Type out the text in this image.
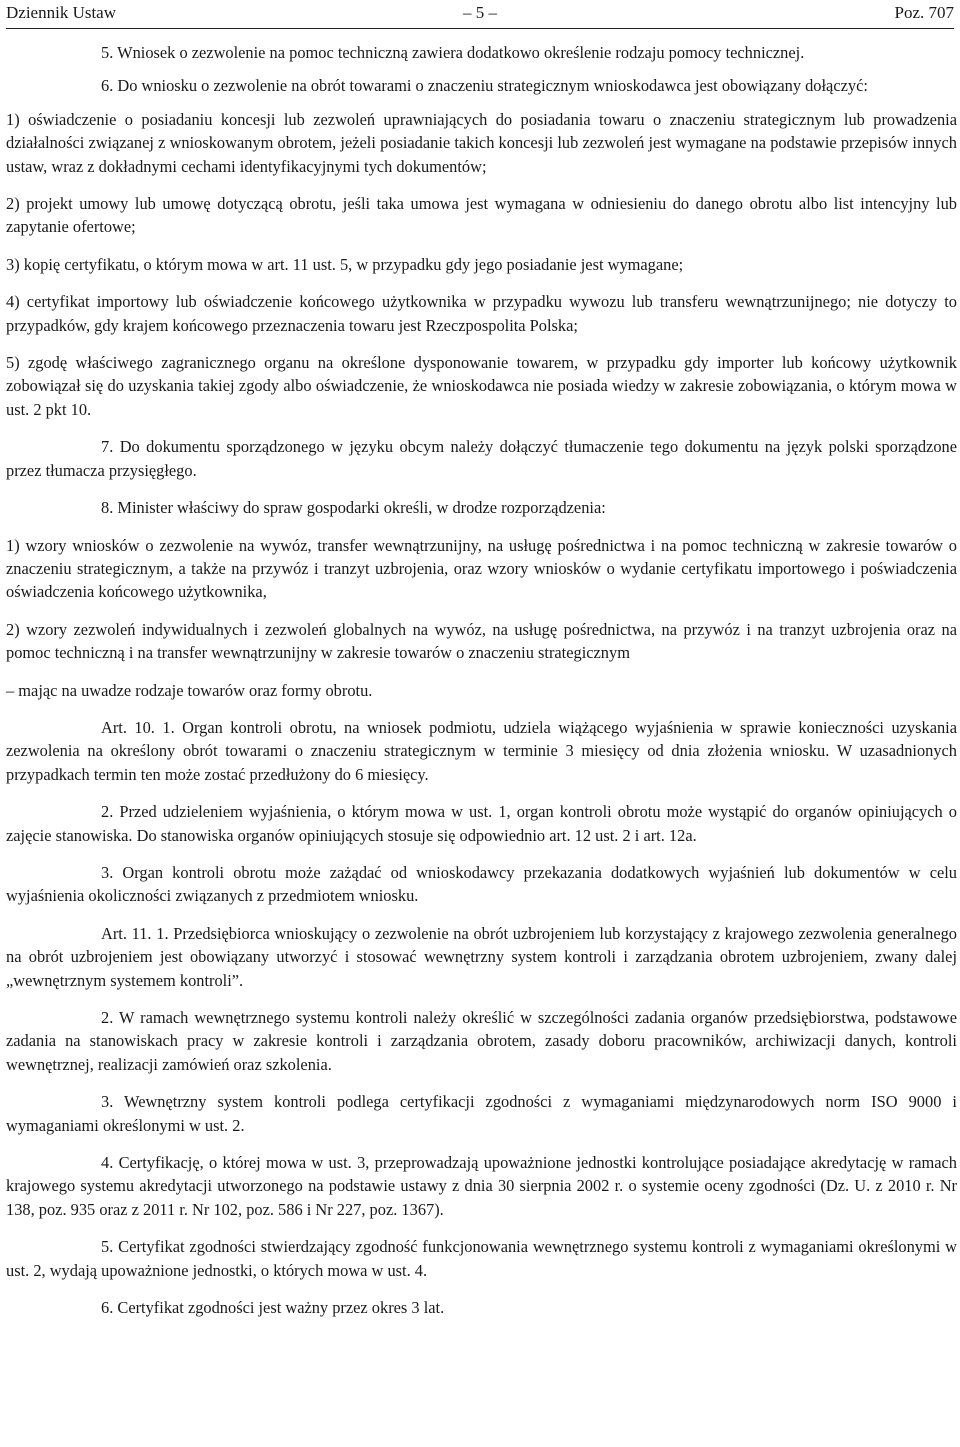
Dziennik Ustaw	– 5 –	Poz. 707

5. Wniosek o zezwolenie na pomoc techniczną zawiera dodatkowo określenie rodzaju pomocy technicznej.

6. Do wniosku o zezwolenie na obrót towarami o znaczeniu strategicznym wnioskodawca jest obowiązany dołączyć:

1) oświadczenie o posiadaniu koncesji lub zezwoleń uprawniających do posiadania towaru o znaczeniu strategicznym lub prowadzenia działalności związanej z wnioskowanym obrotem, jeżeli posiadanie takich koncesji lub zezwoleń jest wymagane na podstawie przepisów innych ustaw, wraz z dokładnymi cechami identyfikacyjnymi tych dokumentów;

2) projekt umowy lub umowę dotyczącą obrotu, jeśli taka umowa jest wymagana w odniesieniu do danego obrotu albo list intencyjny lub zapytanie ofertowe;

3) kopię certyfikatu, o którym mowa w art. 11 ust. 5, w przypadku gdy jego posiadanie jest wymagane;

4) certyfikat importowy lub oświadczenie końcowego użytkownika w przypadku wywozu lub transferu wewnątrzunijnego; nie dotyczy to przypadków, gdy krajem końcowego przeznaczenia towaru jest Rzeczpospolita Polska;

5) zgodę właściwego zagranicznego organu na określone dysponowanie towarem, w przypadku gdy importer lub końcowy użytkownik zobowiązał się do uzyskania takiej zgody albo oświadczenie, że wnioskodawca nie posiada wiedzy w zakresie zobowiązania, o którym mowa w ust. 2 pkt 10.

7. Do dokumentu sporządzonego w języku obcym należy dołączyć tłumaczenie tego dokumentu na język polski sporządzone przez tłumacza przysięgłego.

8. Minister właściwy do spraw gospodarki określi, w drodze rozporządzenia:

1) wzory wniosków o zezwolenie na wywóz, transfer wewnątrzunijny, na usługę pośrednictwa i na pomoc techniczną w zakresie towarów o znaczeniu strategicznym, a także na przywóz i tranzyt uzbrojenia, oraz wzory wniosków o wydanie certyfikatu importowego i poświadczenia oświadczenia końcowego użytkownika,

2) wzory zezwoleń indywidualnych i zezwoleń globalnych na wywóz, na usługę pośrednictwa, na przywóz i na tranzyt uzbrojenia oraz na pomoc techniczną i na transfer wewnątrzunijny w zakresie towarów o znaczeniu strategicznym

– mając na uwadze rodzaje towarów oraz formy obrotu.

Art. 10. 1. Organ kontroli obrotu, na wniosek podmiotu, udziela wiążącego wyjaśnienia w sprawie konieczności uzyskania zezwolenia na określony obrót towarami o znaczeniu strategicznym w terminie 3 miesięcy od dnia złożenia wniosku. W uzasadnionych przypadkach termin ten może zostać przedłużony do 6 miesięcy.

2. Przed udzieleniem wyjaśnienia, o którym mowa w ust. 1, organ kontroli obrotu może wystąpić do organów opiniujących o zajęcie stanowiska. Do stanowiska organów opiniujących stosuje się odpowiednio art. 12 ust. 2 i art. 12a.

3. Organ kontroli obrotu może zażądać od wnioskodawcy przekazania dodatkowych wyjaśnień lub dokumentów w celu wyjaśnienia okoliczności związanych z przedmiotem wniosku.

Art. 11. 1. Przedsiębiorca wnioskujący o zezwolenie na obrót uzbrojeniem lub korzystający z krajowego zezwolenia generalnego na obrót uzbrojeniem jest obowiązany utworzyć i stosować wewnętrzny system kontroli i zarządzania obrotem uzbrojeniem, zwany dalej „wewnętrznym systemem kontroli”.

2. W ramach wewnętrznego systemu kontroli należy określić w szczególności zadania organów przedsiębiorstwa, podstawowe zadania na stanowiskach pracy w zakresie kontroli i zarządzania obrotem, zasady doboru pracowników, archiwizacji danych, kontroli wewnętrznej, realizacji zamówień oraz szkolenia.

3. Wewnętrzny system kontroli podlega certyfikacji zgodności z wymaganiami międzynarodowych norm ISO 9000 i wymaganiami określonymi w ust. 2.

4. Certyfikację, o której mowa w ust. 3, przeprowadzają upoważnione jednostki kontrolujące posiadające akredytację w ramach krajowego systemu akredytacji utworzonego na podstawie ustawy z dnia 30 sierpnia 2002 r. o systemie oceny zgodności (Dz. U. z 2010 r. Nr 138, poz. 935 oraz z 2011 r. Nr 102, poz. 586 i Nr 227, poz. 1367).

5. Certyfikat zgodności stwierdzający zgodność funkcjonowania wewnętrznego systemu kontroli z wymaganiami określonymi w ust. 2, wydają upoważnione jednostki, o których mowa w ust. 4.

6. Certyfikat zgodności jest ważny przez okres 3 lat.
